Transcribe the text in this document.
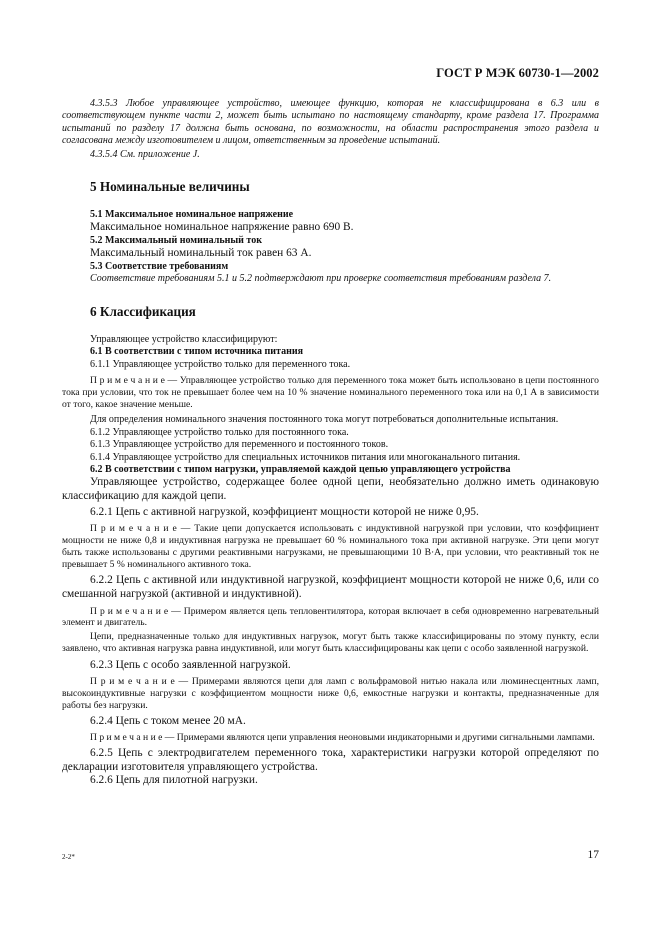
ГОСТ Р МЭК 60730-1—2002

4.3.5.3 Любое управляющее устройство, имеющее функцию, которая не классифицирована в 6.3 или в соответствующем пункте части 2, может быть испытано по настоящему стандарту, кроме раздела 17. Программа испытаний по разделу 17 должна быть основана, по возможности, на области распространения этого раздела и согласована между изготовителем и лицом, ответственным за проведение испытаний.

4.3.5.4 См. приложение J.

5 Номинальные величины

5.1 Максимальное номинальное напряжение

Максимальное номинальное напряжение равно 690 В.

5.2 Максимальный номинальный ток

Максимальный номинальный ток равен 63 А.

5.3 Соответствие требованиям

Соответствие требованиям 5.1 и 5.2 подтверждают при проверке соответствия требованиям раздела 7.

6 Классификация

Управляющее устройство классифицируют:

6.1 В соответствии с типом источника питания

6.1.1 Управляющее устройство только для переменного тока.

П р и м е ч а н и е — Управляющее устройство только для переменного тока может быть использовано в цепи постоянного тока при условии, что ток не превышает более чем на 10 % значение номинального переменного тока или на 0,1 А в зависимости от того, какое значение меньше.

Для определения номинального значения постоянного тока могут потребоваться дополнительные испытания.

6.1.2 Управляющее устройство только для постоянного тока.

6.1.3 Управляющее устройство для переменного и постоянного токов.

6.1.4 Управляющее устройство для специальных источников питания или многоканального питания.

6.2 В соответствии с типом нагрузки, управляемой каждой цепью управляющего устройства

Управляющее устройство, содержащее более одной цепи, необязательно должно иметь одинаковую классификацию для каждой цепи.

6.2.1 Цепь с активной нагрузкой, коэффициент мощности которой не ниже 0,95.

П р и м е ч а н и е — Такие цепи допускается использовать с индуктивной нагрузкой при условии, что коэффициент мощности не ниже 0,8 и индуктивная нагрузка не превышает 60 % номинального тока при активной нагрузке. Эти цепи могут быть также использованы с другими реактивными нагрузками, не превышающими 10 В·А, при условии, что реактивный ток не превышает 5 % номинального активного тока.

6.2.2 Цепь с активной или индуктивной нагрузкой, коэффициент мощности которой не ниже 0,6, или со смешанной нагрузкой (активной и индуктивной).

П р и м е ч а н и е — Примером является цепь тепловентилятора, которая включает в себя одновременно нагревательный элемент и двигатель.

Цепи, предназначенные только для индуктивных нагрузок, могут быть также классифицированы по этому пункту, если заявлено, что активная нагрузка равна индуктивной, или могут быть классифицированы как цепи с особо заявленной нагрузкой.

6.2.3 Цепь с особо заявленной нагрузкой.

П р и м е ч а н и е — Примерами являются цепи для ламп с вольфрамовой нитью накала или люминесцентных ламп, высокоиндуктивные нагрузки с коэффициентом мощности ниже 0,6, емкостные нагрузки и контакты, предназначенные для работы без нагрузки.

6.2.4 Цепь с током менее 20 мА.

П р и м е ч а н и е — Примерами являются цепи управления неоновыми индикаторными и другими сигнальными лампами.

6.2.5 Цепь с электродвигателем переменного тока, характеристики нагрузки которой определяют по декларации изготовителя управляющего устройства.

6.2.6 Цепь для пилотной нагрузки.

2-2*	17
